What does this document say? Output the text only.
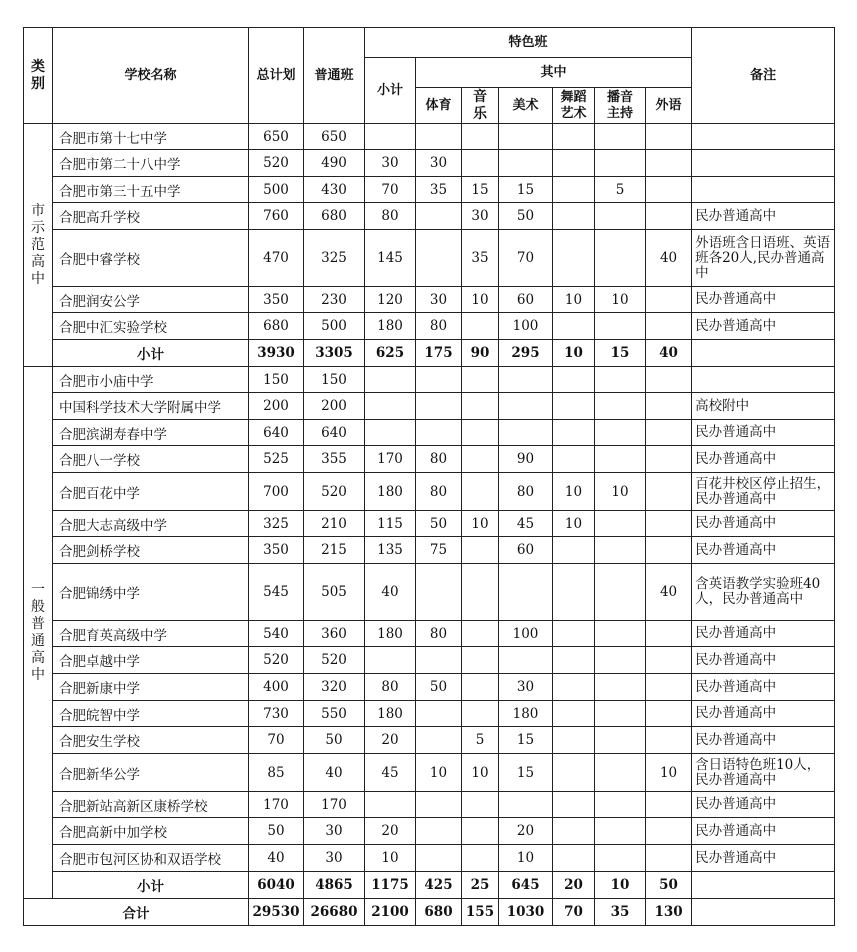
类别	学校名称	总计划	普通班	特色班							备注
				小计	其中						
					体育	音乐	美术	舞蹈艺术	播音主持	外语	
市示范高中	合肥市第十七中学	650	650								
	合肥市第二十八中学	520	490	30	30						
	合肥市第三十五中学	500	430	70	35	15	15		5		
	合肥高升学校	760	680	80		30	50				民办普通高中
	合肥中睿学校	470	325	145		35	70			40	外语班含日语班、英语班各20人,民办普通高中
	合肥润安公学	350	230	120	30	10	60	10	10		民办普通高中
	合肥中汇实验学校	680	500	180	80		100				民办普通高中
	小计	3930	3305	625	175	90	295	10	15	40	
一般普通高中	合肥市小庙中学	150	150								
	中国科学技术大学附属中学	200	200								高校附中
	合肥滨湖寿春中学	640	640								民办普通高中
	合肥八一学校	525	355	170	80		90				民办普通高中
	合肥百花中学	700	520	180	80		80	10	10		百花井校区停止招生，民办普通高中
	合肥大志高级中学	325	210	115	50	10	45	10			民办普通高中
	合肥剑桥学校	350	215	135	75		60				民办普通高中
	合肥锦绣中学	545	505	40						40	含英语教学实验班40人，民办普通高中
	合肥育英高级中学	540	360	180	80		100				民办普通高中
	合肥卓越中学	520	520								民办普通高中
	合肥新康中学	400	320	80	50		30				民办普通高中
	合肥皖智中学	730	550	180			180				民办普通高中
	合肥安生学校	70	50	20		5	15				民办普通高中
	合肥新华公学	85	40	45	10	10	15			10	含日语特色班10人，民办普通高中
	合肥新站高新区康桥学校	170	170								民办普通高中
	合肥高新中加学校	50	30	20			20				民办普通高中
	合肥市包河区协和双语学校	40	30	10			10				民办普通高中
	小计	6040	4865	1175	425	25	645	20	10	50	
合计		29530	26680	2100	680	155	1030	70	35	130	
